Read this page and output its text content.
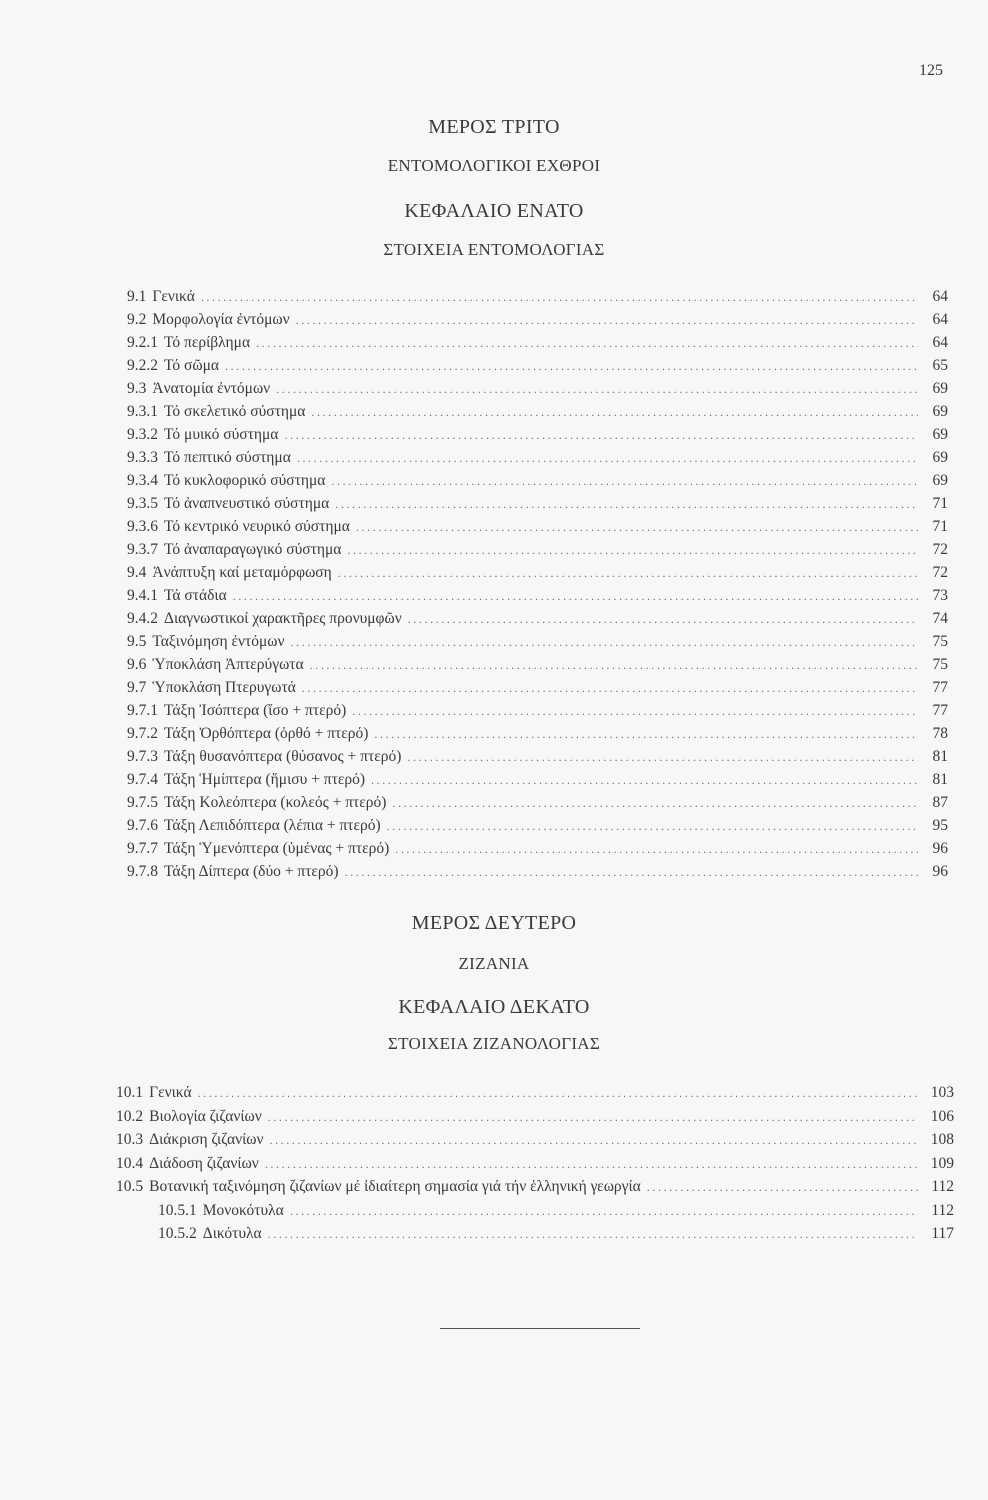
125
ΜΕΡΟΣ ΤΡΙΤΟ
ΕΝΤΟΜΟΛΟΓΙΚΟΙ ΕΧΘΡΟΙ
ΚΕΦΑΛΑΙΟ ΕΝΑΤΟ
ΣΤΟΙΧΕΙΑ ΕΝΤΟΜΟΛΟΓΙΑΣ
9.1 Γενικά .....	64
9.2 Μορφολογία ἐντόμων .....	64
9.2.1 Τό περίβλημα .....	64
9.2.2 Τό σῶμα .....	65
9.3 Ἀνατομία ἐντόμων .....	69
9.3.1 Τό σκελετικό σύστημα .....	69
9.3.2 Τό μυικό σύστημα .....	69
9.3.3 Τό πεπτικό σύστημα .....	69
9.3.4 Τό κυκλοφορικό σύστημα .....	69
9.3.5 Τό ἀναπνευστικό σύστημα .....	71
9.3.6 Τό κεντρικό νευρικό σύστημα .....	71
9.3.7 Τό ἀναπαραγωγικό σύστημα .....	72
9.4 Ἀνάπτυξη καί μεταμόρφωση .....	72
9.4.1 Τά στάδια .....	73
9.4.2 Διαγνωστικοί χαρακτῆρες προνυμφῶν .....	74
9.5 Ταξινόμηση ἐντόμων .....	75
9.6 Ὑποκλάση Ἀπτερύγωτα .....	75
9.7 Ὑποκλάση Πτερυγωτά .....	77
9.7.1 Τάξη Ἰσόπτερα (ἴσο + πτερό) .....	77
9.7.2 Τάξη Ὀρθόπτερα (ὀρθό + πτερό) .....	78
9.7.3 Τάξη θυσανόπτερα (θύσανος + πτερό) .....	81
9.7.4 Τάξη Ἡμίπτερα (ἥμισυ + πτερό) .....	81
9.7.5 Τάξη Κολεόπτερα (κολεός + πτερό) .....	87
9.7.6 Τάξη Λεπιδόπτερα (λέπια + πτερό) .....	95
9.7.7 Τάξη Ὑμενόπτερα (ὑμένας + πτερό) .....	96
9.7.8 Τάξη Δίπτερα (δύο + πτερό) .....	96
ΜΕΡΟΣ ΔΕΥΤΕΡΟ
ΖΙΖΑΝΙΑ
ΚΕΦΑΛΑΙΟ ΔΕΚΑΤΟ
ΣΤΟΙΧΕΙΑ ΖΙΖΑΝΟΛΟΓΙΑΣ
10.1 Γενικά .....	103
10.2 Βιολογία ζιζανίων .....	106
10.3 Διάκριση ζιζανίων .....	108
10.4 Διάδοση ζιζανίων .....	109
10.5 Βοτανική ταξινόμηση ζιζανίων μέ ἰδιαίτερη σημασία γιά τήν ἑλληνική γεωργία .....	112
10.5.1 Μονοκότυλα .....	112
10.5.2 Δικότυλα .....	117
